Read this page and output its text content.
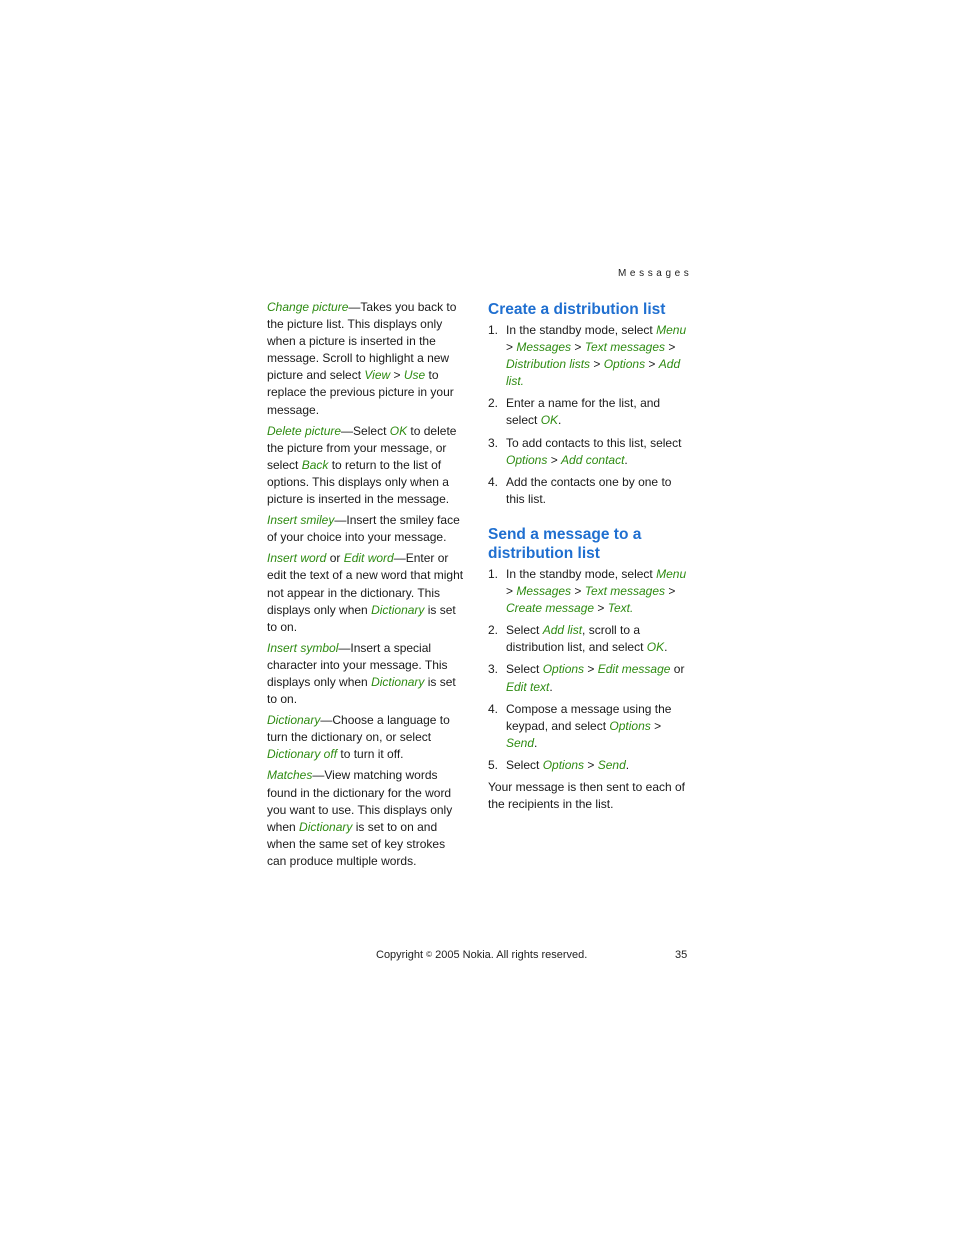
Messages

Change picture—Takes you back to the picture list. This displays only when a picture is inserted in the message. Scroll to highlight a new picture and select View > Use to replace the previous picture in your message.

Delete picture—Select OK to delete the picture from your message, or select Back to return to the list of options. This displays only when a picture is inserted in the message.

Insert smiley—Insert the smiley face of your choice into your message.

Insert word or Edit word—Enter or edit the text of a new word that might not appear in the dictionary. This displays only when Dictionary is set to on.

Insert symbol—Insert a special character into your message. This displays only when Dictionary is set to on.

Dictionary—Choose a language to turn the dictionary on, or select Dictionary off to turn it off.

Matches—View matching words found in the dictionary for the word you want to use. This displays only when Dictionary is set to on and when the same set of key strokes can produce multiple words.

Create a distribution list
1. In the standby mode, select Menu > Messages > Text messages > Distribution lists > Options > Add list.
2. Enter a name for the list, and select OK.
3. To add contacts to this list, select Options > Add contact.
4. Add the contacts one by one to this list.
Send a message to a distribution list
1. In the standby mode, select Menu > Messages > Text messages > Create message > Text.
2. Select Add list, scroll to a distribution list, and select OK.
3. Select Options > Edit message or Edit text.
4. Compose a message using the keypad, and select Options > Send.
5. Select Options > Send.

Your message is then sent to each of the recipients in the list.

Copyright © 2005 Nokia. All rights reserved.	35
